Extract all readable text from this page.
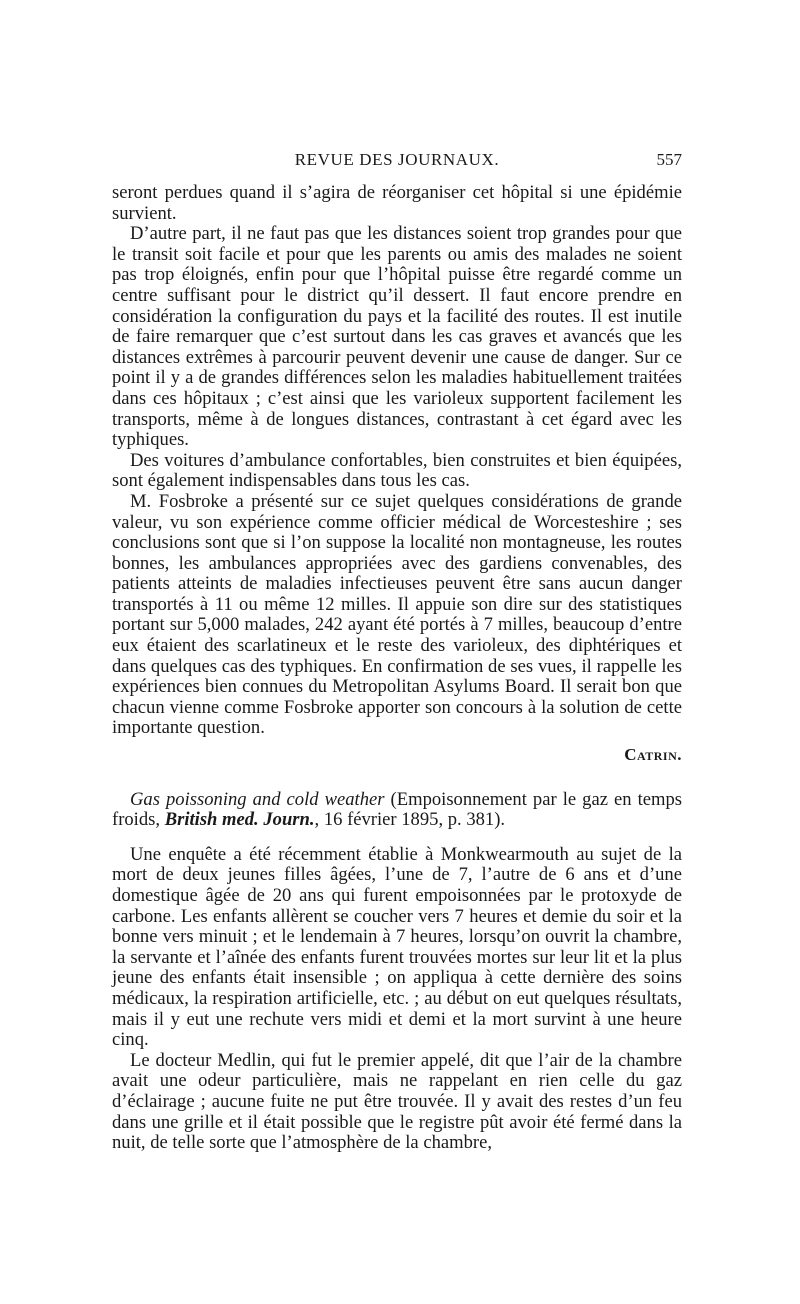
REVUE DES JOURNAUX.	557

seront perdues quand il s’agira de réorganiser cet hôpital si une épidémie survient.

D’autre part, il ne faut pas que les distances soient trop grandes pour que le transit soit facile et pour que les parents ou amis des malades ne soient pas trop éloignés, enfin pour que l’hôpital puisse être regardé comme un centre suffisant pour le district qu’il dessert. Il faut encore prendre en considération la configuration du pays et la facilité des routes. Il est inutile de faire remarquer que c’est surtout dans les cas graves et avancés que les distances extrêmes à parcourir peuvent devenir une cause de danger. Sur ce point il y a de grandes différences selon les maladies habituellement traitées dans ces hôpitaux ; c’est ainsi que les varioleux supportent facilement les transports, même à de longues distances, contrastant à cet égard avec les typhiques.

Des voitures d’ambulance confortables, bien construites et bien équipées, sont également indispensables dans tous les cas.

M. Fosbroke a présenté sur ce sujet quelques considérations de grande valeur, vu son expérience comme officier médical de Worcesteshire ; ses conclusions sont que si l’on suppose la localité non montagneuse, les routes bonnes, les ambulances appropriées avec des gardiens convenables, des patients atteints de maladies infectieuses peuvent être sans aucun danger transportés à 11 ou même 12 milles. Il appuie son dire sur des statistiques portant sur 5,000 malades, 242 ayant été portés à 7 milles, beaucoup d’entre eux étaient des scarlatineux et le reste des varioleux, des diphtériques et dans quelques cas des typhiques. En confirmation de ses vues, il rappelle les expériences bien connues du Metropolitan Asylums Board. Il serait bon que chacun vienne comme Fosbroke apporter son concours à la solution de cette importante question.

Catrin.

Gas poissoning and cold weather (Empoisonnement par le gaz en temps froids, British med. Journ., 16 février 1895, p. 381).

Une enquête a été récemment établie à Monkwearmouth au sujet de la mort de deux jeunes filles âgées, l’une de 7, l’autre de 6 ans et d’une domestique âgée de 20 ans qui furent empoisonnées par le protoxyde de carbone. Les enfants allèrent se coucher vers 7 heures et demie du soir et la bonne vers minuit ; et le lendemain à 7 heures, lorsqu’on ouvrit la chambre, la servante et l’aînée des enfants furent trouvées mortes sur leur lit et la plus jeune des enfants était insensible ; on appliqua à cette dernière des soins médicaux, la respiration artificielle, etc. ; au début on eut quelques résultats, mais il y eut une rechute vers midi et demi et la mort survint à une heure cinq.

Le docteur Medlin, qui fut le premier appelé, dit que l’air de la chambre avait une odeur particulière, mais ne rappelant en rien celle du gaz d’éclairage ; aucune fuite ne put être trouvée. Il y avait des restes d’un feu dans une grille et il était possible que le registre pût avoir été fermé dans la nuit, de telle sorte que l’atmosphère de la chambre,
